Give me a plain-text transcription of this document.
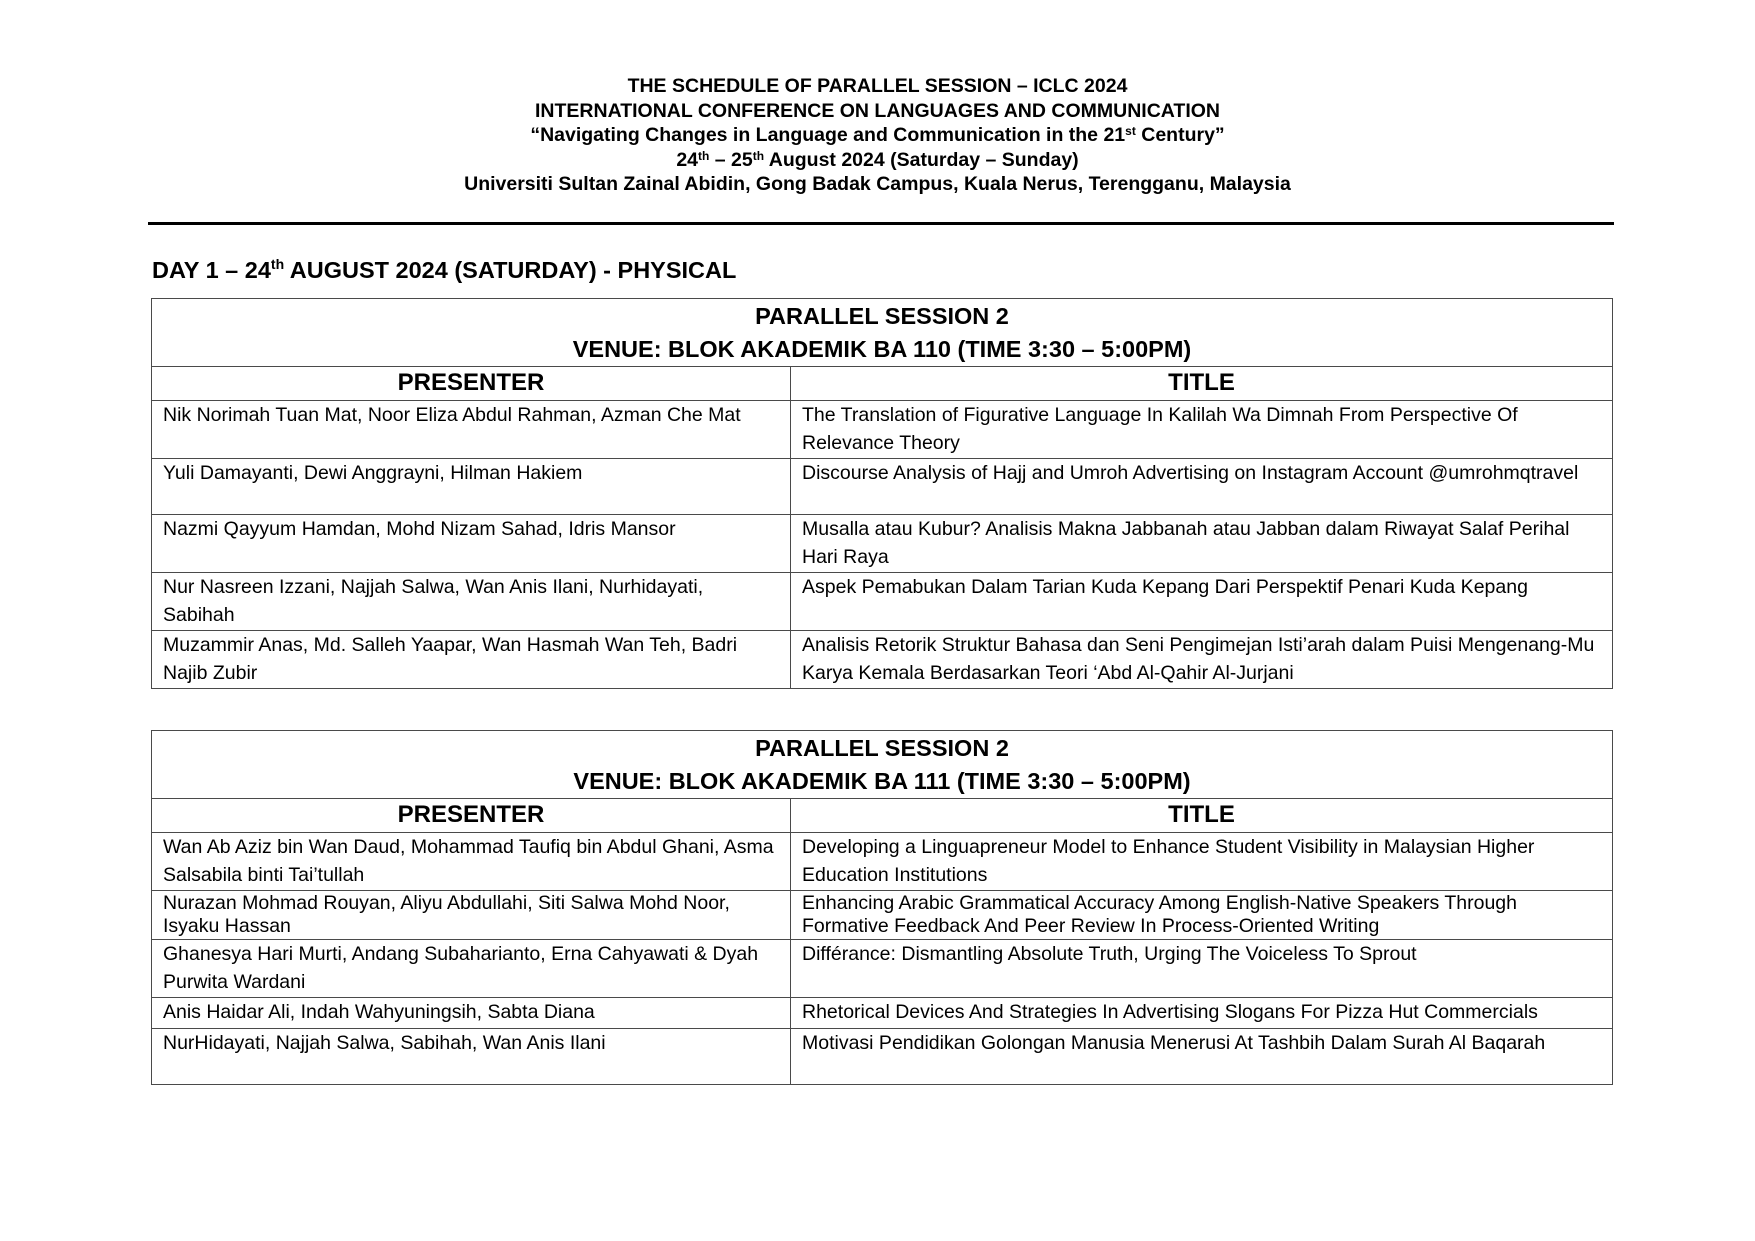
THE SCHEDULE OF PARALLEL SESSION – ICLC 2024
INTERNATIONAL CONFERENCE ON LANGUAGES AND COMMUNICATION
“Navigating Changes in Language and Communication in the 21st Century”
24th – 25th August 2024 (Saturday – Sunday)
Universiti Sultan Zainal Abidin, Gong Badak Campus, Kuala Nerus, Terengganu, Malaysia
DAY 1 – 24th AUGUST 2024 (SATURDAY) - PHYSICAL
PARALLEL SESSION 2
VENUE: BLOK AKADEMIK BA 110 (TIME 3:30 – 5:00PM)	

PRESENTER	TITLE
Nik Norimah Tuan Mat, Noor Eliza Abdul Rahman, Azman Che Mat	The Translation of Figurative Language In Kalilah Wa Dimnah From Perspective Of Relevance Theory
Yuli Damayanti, Dewi Anggrayni, Hilman Hakiem	Discourse Analysis of Hajj and Umroh Advertising on Instagram Account @umrohmqtravel
Nazmi Qayyum Hamdan, Mohd Nizam Sahad, Idris Mansor	Musalla atau Kubur? Analisis Makna Jabbanah atau Jabban dalam Riwayat Salaf Perihal Hari Raya
Nur Nasreen Izzani, Najjah Salwa, Wan Anis Ilani, Nurhidayati, Sabihah	Aspek Pemabukan Dalam Tarian Kuda Kepang Dari Perspektif Penari Kuda Kepang
Muzammir Anas, Md. Salleh Yaapar, Wan Hasmah Wan Teh, Badri Najib Zubir	Analisis Retorik Struktur Bahasa dan Seni Pengimejan Isti’arah dalam Puisi Mengenang-Mu Karya Kemala Berdasarkan Teori ‘Abd Al-Qahir Al-Jurjani
PARALLEL SESSION 2
VENUE: BLOK AKADEMIK BA 111 (TIME 3:30 – 5:00PM)	

PRESENTER	TITLE
Wan Ab Aziz bin Wan Daud, Mohammad Taufiq bin Abdul Ghani, Asma Salsabila binti Tai’tullah	Developing a Linguapreneur Model to Enhance Student Visibility in Malaysian Higher Education Institutions
Nurazan Mohmad Rouyan, Aliyu Abdullahi, Siti Salwa Mohd Noor, Isyaku Hassan	Enhancing Arabic Grammatical Accuracy Among English-Native Speakers Through Formative Feedback And Peer Review In Process-Oriented Writing
Ghanesya Hari Murti, Andang Subaharianto, Erna Cahyawati & Dyah Purwita Wardani	Différance: Dismantling Absolute Truth, Urging The Voiceless To Sprout
Anis Haidar Ali, Indah Wahyuningsih, Sabta Diana	Rhetorical Devices And Strategies In Advertising Slogans For Pizza Hut Commercials
NurHidayati, Najjah Salwa, Sabihah, Wan Anis Ilani	Motivasi Pendidikan Golongan Manusia Menerusi At Tashbih Dalam Surah Al Baqarah
